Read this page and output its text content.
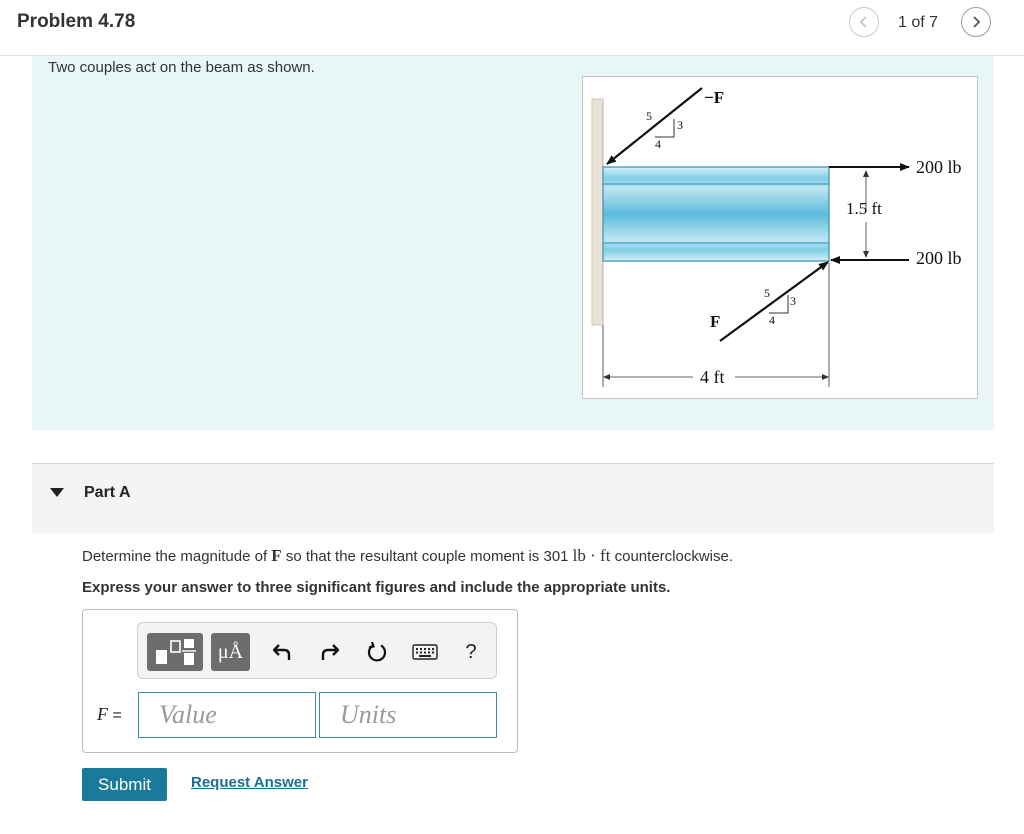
Problem 4.78	1 of 7
Two couples act on the beam as shown.
−F
5
3
4
F
5
3
4
200 lb
200 lb
1.5 ft
4 ft
Part A
Determine the magnitude of F so that the resultant couple moment is 301 lb · ft counterclockwise.
Express your answer to three significant figures and include the appropriate units.
μÅ	?
F =
Value
Units
Submit	Request Answer
